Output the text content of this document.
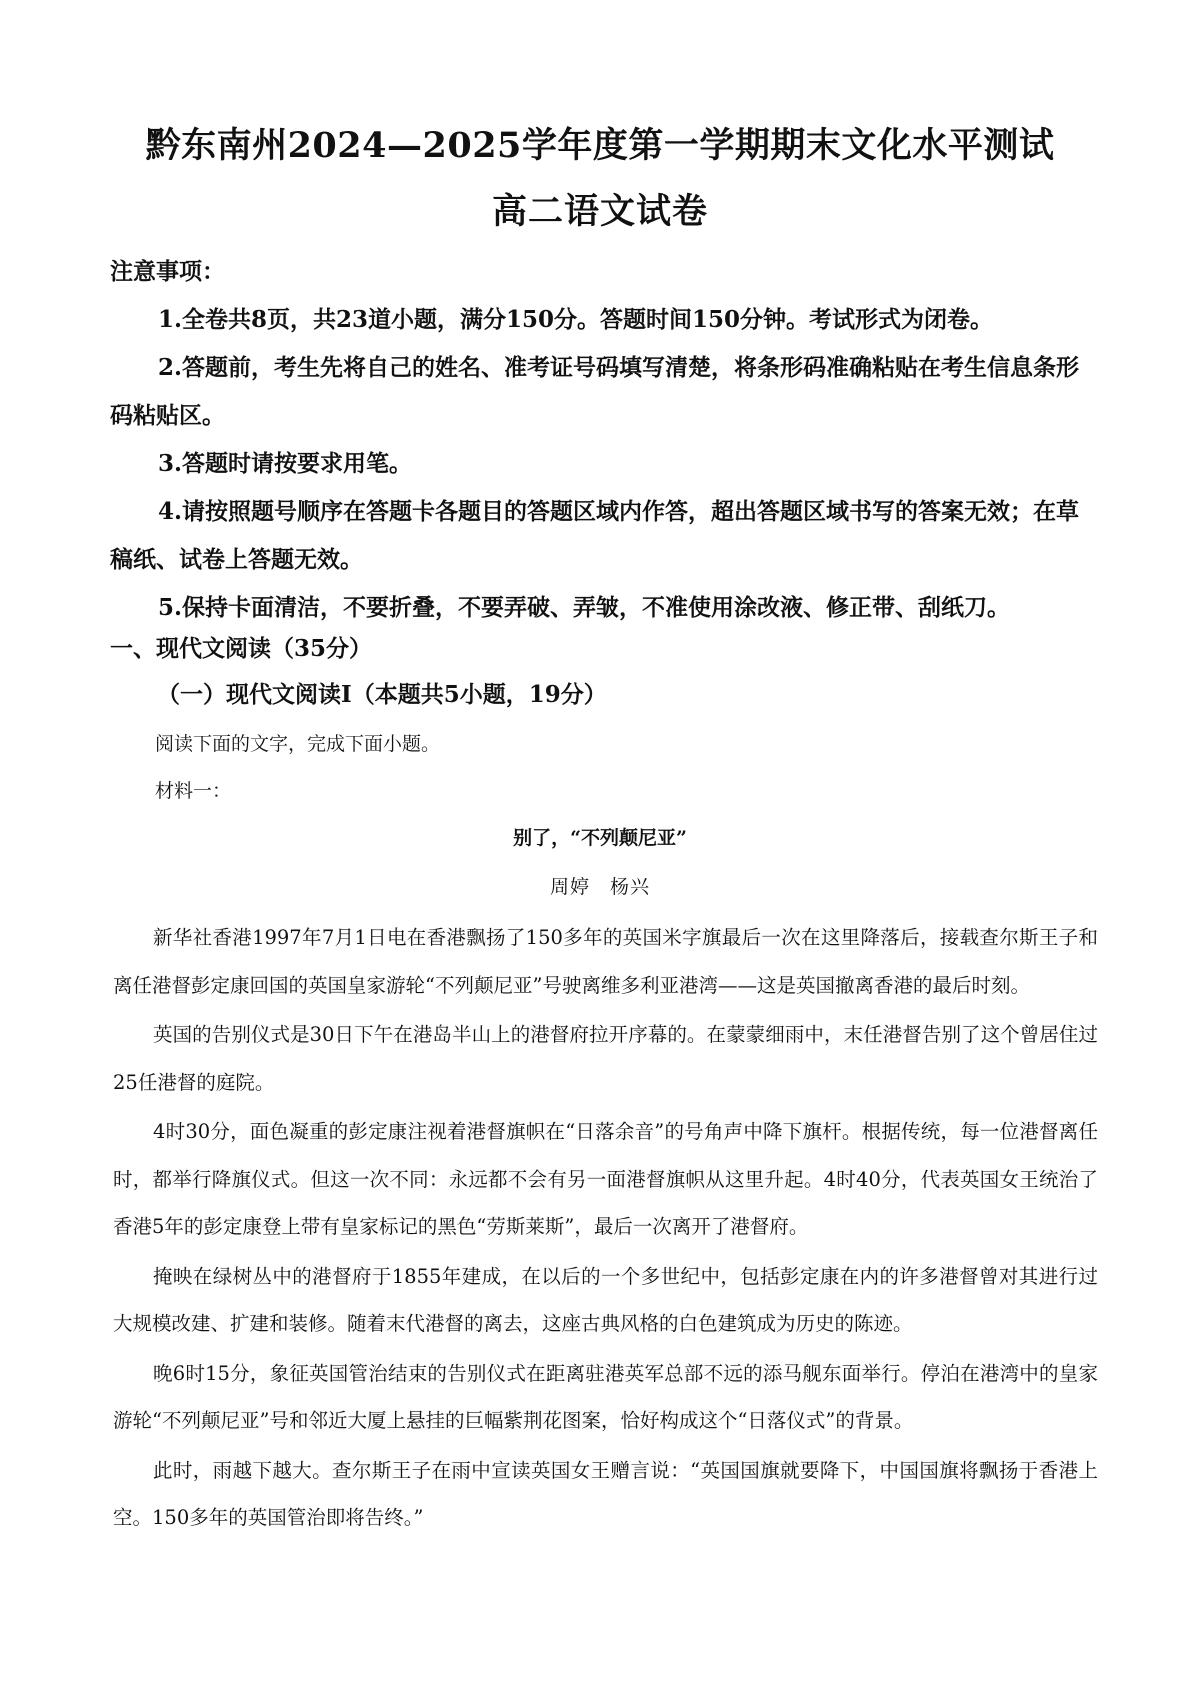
黔东南州2024—2025学年度第一学期期末文化水平测试
高二语文试卷

注意事项：

1.全卷共8页，共23道小题，满分150分。答题时间150分钟。考试形式为闭卷。

2.答题前，考生先将自己的姓名、准考证号码填写清楚，将条形码准确粘贴在考生信息条形码粘贴区。

3.答题时请按要求用笔。

4.请按照题号顺序在答题卡各题目的答题区域内作答，超出答题区域书写的答案无效；在草稿纸、试卷上答题无效。

5.保持卡面清洁，不要折叠，不要弄破、弄皱，不准使用涂改液、修正带、刮纸刀。

一、现代文阅读（35分）
（一）现代文阅读Ⅰ（本题共5小题，19分）
阅读下面的文字，完成下面小题。
材料一：
别了，“不列颠尼亚”
周婷　杨兴

新华社香港1997年7月1日电在香港飘扬了150多年的英国米字旗最后一次在这里降落后，接载查尔斯王子和离任港督彭定康回国的英国皇家游轮“不列颠尼亚”号驶离维多利亚港湾——这是英国撤离香港的最后时刻。

英国的告别仪式是30日下午在港岛半山上的港督府拉开序幕的。在蒙蒙细雨中，末任港督告别了这个曾居住过25任港督的庭院。

4时30分，面色凝重的彭定康注视着港督旗帜在“日落余音”的号角声中降下旗杆。根据传统，每一位港督离任时，都举行降旗仪式。但这一次不同：永远都不会有另一面港督旗帜从这里升起。4时40分，代表英国女王统治了香港5年的彭定康登上带有皇家标记的黑色“劳斯莱斯”，最后一次离开了港督府。

掩映在绿树丛中的港督府于1855年建成，在以后的一个多世纪中，包括彭定康在内的许多港督曾对其进行过大规模改建、扩建和装修。随着末代港督的离去，这座古典风格的白色建筑成为历史的陈迹。

晚6时15分，象征英国管治结束的告别仪式在距离驻港英军总部不远的添马舰东面举行。停泊在港湾中的皇家游轮“不列颠尼亚”号和邻近大厦上悬挂的巨幅紫荆花图案，恰好构成这个“日落仪式”的背景。

此时，雨越下越大。查尔斯王子在雨中宣读英国女王赠言说：“英国国旗就要降下，中国国旗将飘扬于香港上空。150多年的英国管治即将告终。”
